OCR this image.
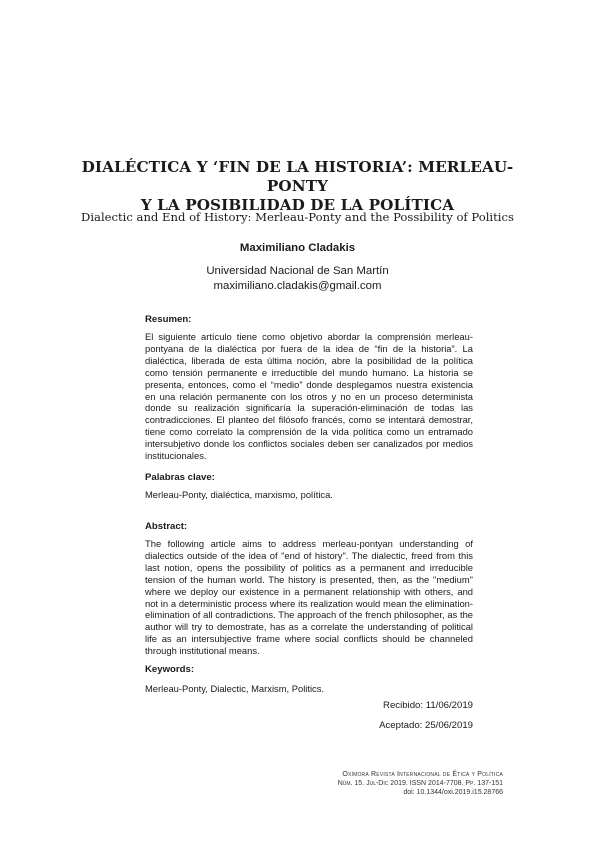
DIALÉCTICA Y ‘FIN DE LA HISTORIA’: MERLEAU-PONTY
Y LA POSIBILIDAD DE LA POLÍTICA
Dialectic and End of History: Merleau-Ponty and the Possibility of Politics
Maximiliano Cladakis
Universidad Nacional de San Martín
maximiliano.cladakis@gmail.com
Resumen:
El siguiente artículo tiene como objetivo abordar la comprensión merleau-pontyana de la dialéctica por fuera de la idea de “fin de la historia”. La dialéctica, liberada de esta última noción, abre la posibilidad de la política como tensión permanente e irreductible del mundo humano. La historia se presenta, entonces, como el “medio” donde desplegamos nuestra existencia en una relación permanente con los otros y no en un proceso determinista donde su realización significaría la superación-eliminación de todas las contradicciones. El planteo del filósofo francés, como se intentará demostrar, tiene como correlato la comprensión de la vida política como un entramado intersubjetivo donde los conflictos sociales deben ser canalizados por medios institucionales.
Palabras clave:
Merleau-Ponty, dialéctica, marxismo, política.
Abstract:
The following article aims to address merleau-pontyan understanding of dialectics outside of the idea of "end of history". The dialectic, freed from this last notion, opens the possibility of politics as a permanent and irreducible tension of the human world. The history is presented, then, as the "medium" where we deploy our existence in a permanent relationship with others, and not in a deterministic process where its realization would mean the elimination-elimination of all contradictions. The approach of the french philosopher, as the author will try to demostrate, has as a correlate the understanding of political life as an intersubjective frame where social conflicts should be channeled through institutional means.
Keywords:
Merleau-Ponty, Dialectic, Marxism, Politics.
Recibido: 11/06/2019
Aceptado: 25/06/2019
Oxímora Revista Internacional de Ética y Política
Núm. 15. Jul-Dic 2019. ISSN 2014-7708. Pp. 137-151
doi: 10.1344/oxi.2019.i15.28766
